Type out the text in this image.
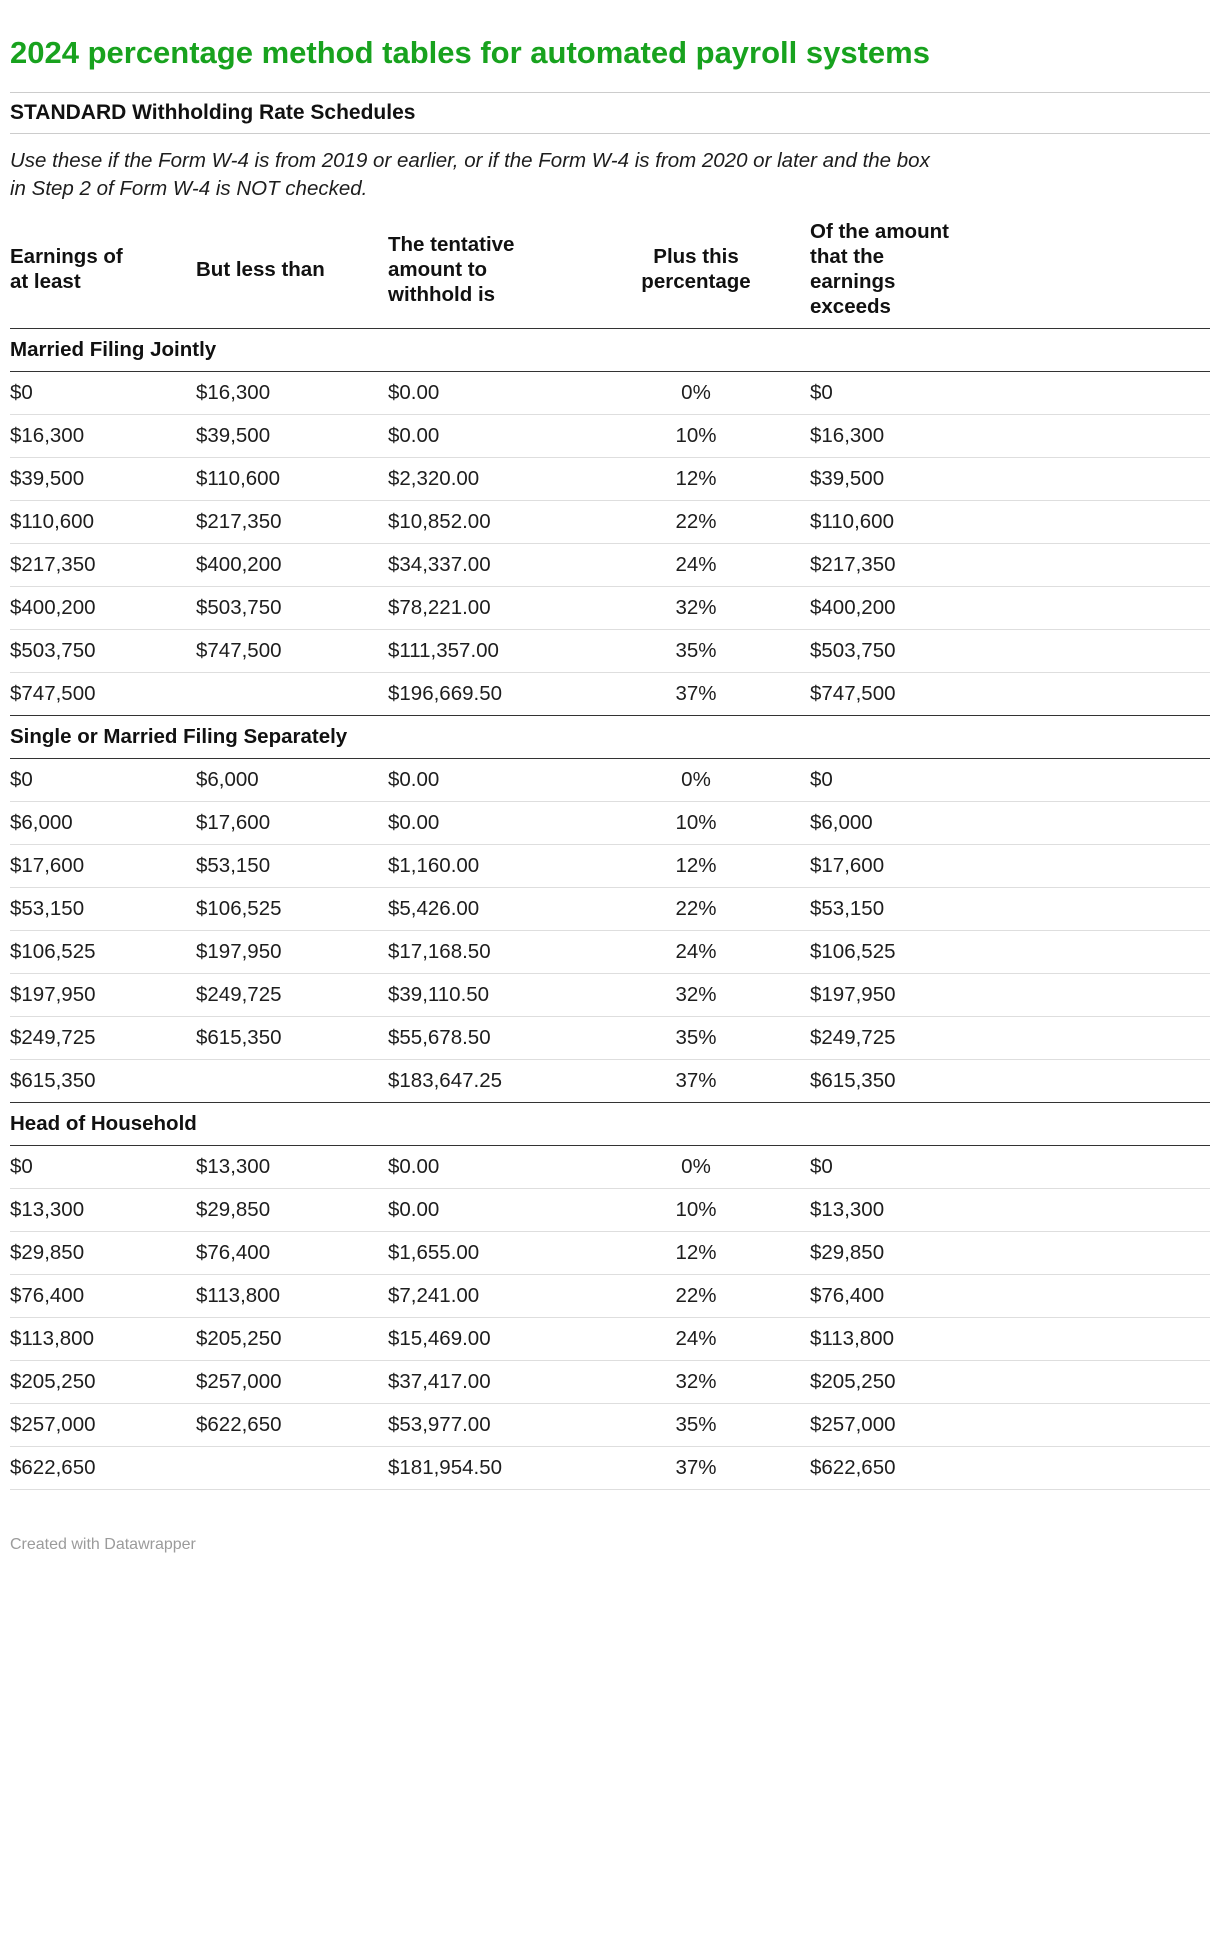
2024 percentage method tables for automated payroll systems
STANDARD Withholding Rate Schedules

Use these if the Form W-4 is from 2019 or earlier, or if the Form W-4 is from 2020 or later and the box in Step 2 of Form W-4 is NOT checked.

Earnings of at least	But less than	The tentative amount to withhold is	Plus this percentage	Of the amount that the earnings exceeds
Married Filing Jointly				
$0	$16,300	$0.00	0%	$0
$16,300	$39,500	$0.00	10%	$16,300
$39,500	$110,600	$2,320.00	12%	$39,500
$110,600	$217,350	$10,852.00	22%	$110,600
$217,350	$400,200	$34,337.00	24%	$217,350
$400,200	$503,750	$78,221.00	32%	$400,200
$503,750	$747,500	$111,357.00	35%	$503,750
$747,500		$196,669.50	37%	$747,500
Single or Married Filing Separately				
$0	$6,000	$0.00	0%	$0
$6,000	$17,600	$0.00	10%	$6,000
$17,600	$53,150	$1,160.00	12%	$17,600
$53,150	$106,525	$5,426.00	22%	$53,150
$106,525	$197,950	$17,168.50	24%	$106,525
$197,950	$249,725	$39,110.50	32%	$197,950
$249,725	$615,350	$55,678.50	35%	$249,725
$615,350		$183,647.25	37%	$615,350
Head of Household				
$0	$13,300	$0.00	0%	$0
$13,300	$29,850	$0.00	10%	$13,300
$29,850	$76,400	$1,655.00	12%	$29,850
$76,400	$113,800	$7,241.00	22%	$76,400
$113,800	$205,250	$15,469.00	24%	$113,800
$205,250	$257,000	$37,417.00	32%	$205,250
$257,000	$622,650	$53,977.00	35%	$257,000
$622,650		$181,954.50	37%	$622,650
Created with Datawrapper
